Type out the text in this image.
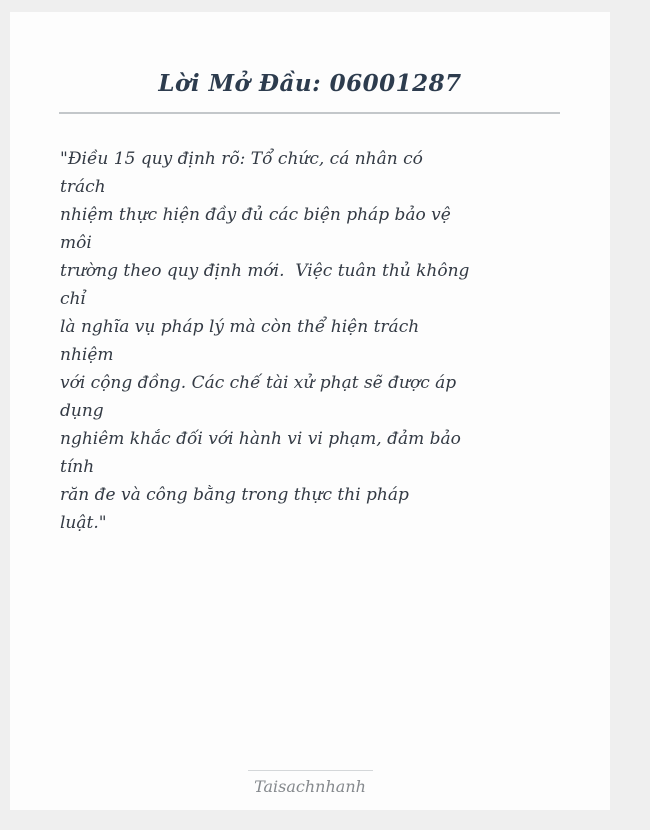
Lời Mở Đầu: 06001287
"Điều 15 quy định rõ: Tổ chức, cá nhân có
trách
nhiệm thực hiện đầy đủ các biện pháp bảo vệ
môi
trường theo quy định mới.  Việc tuân thủ không
chỉ
là nghĩa vụ pháp lý mà còn thể hiện trách
nhiệm
với cộng đồng. Các chế tài xử phạt sẽ được áp
dụng
nghiêm khắc đối với hành vi vi phạm, đảm bảo
tính
răn đe và công bằng trong thực thi pháp
luật."
Taisachnhanh
